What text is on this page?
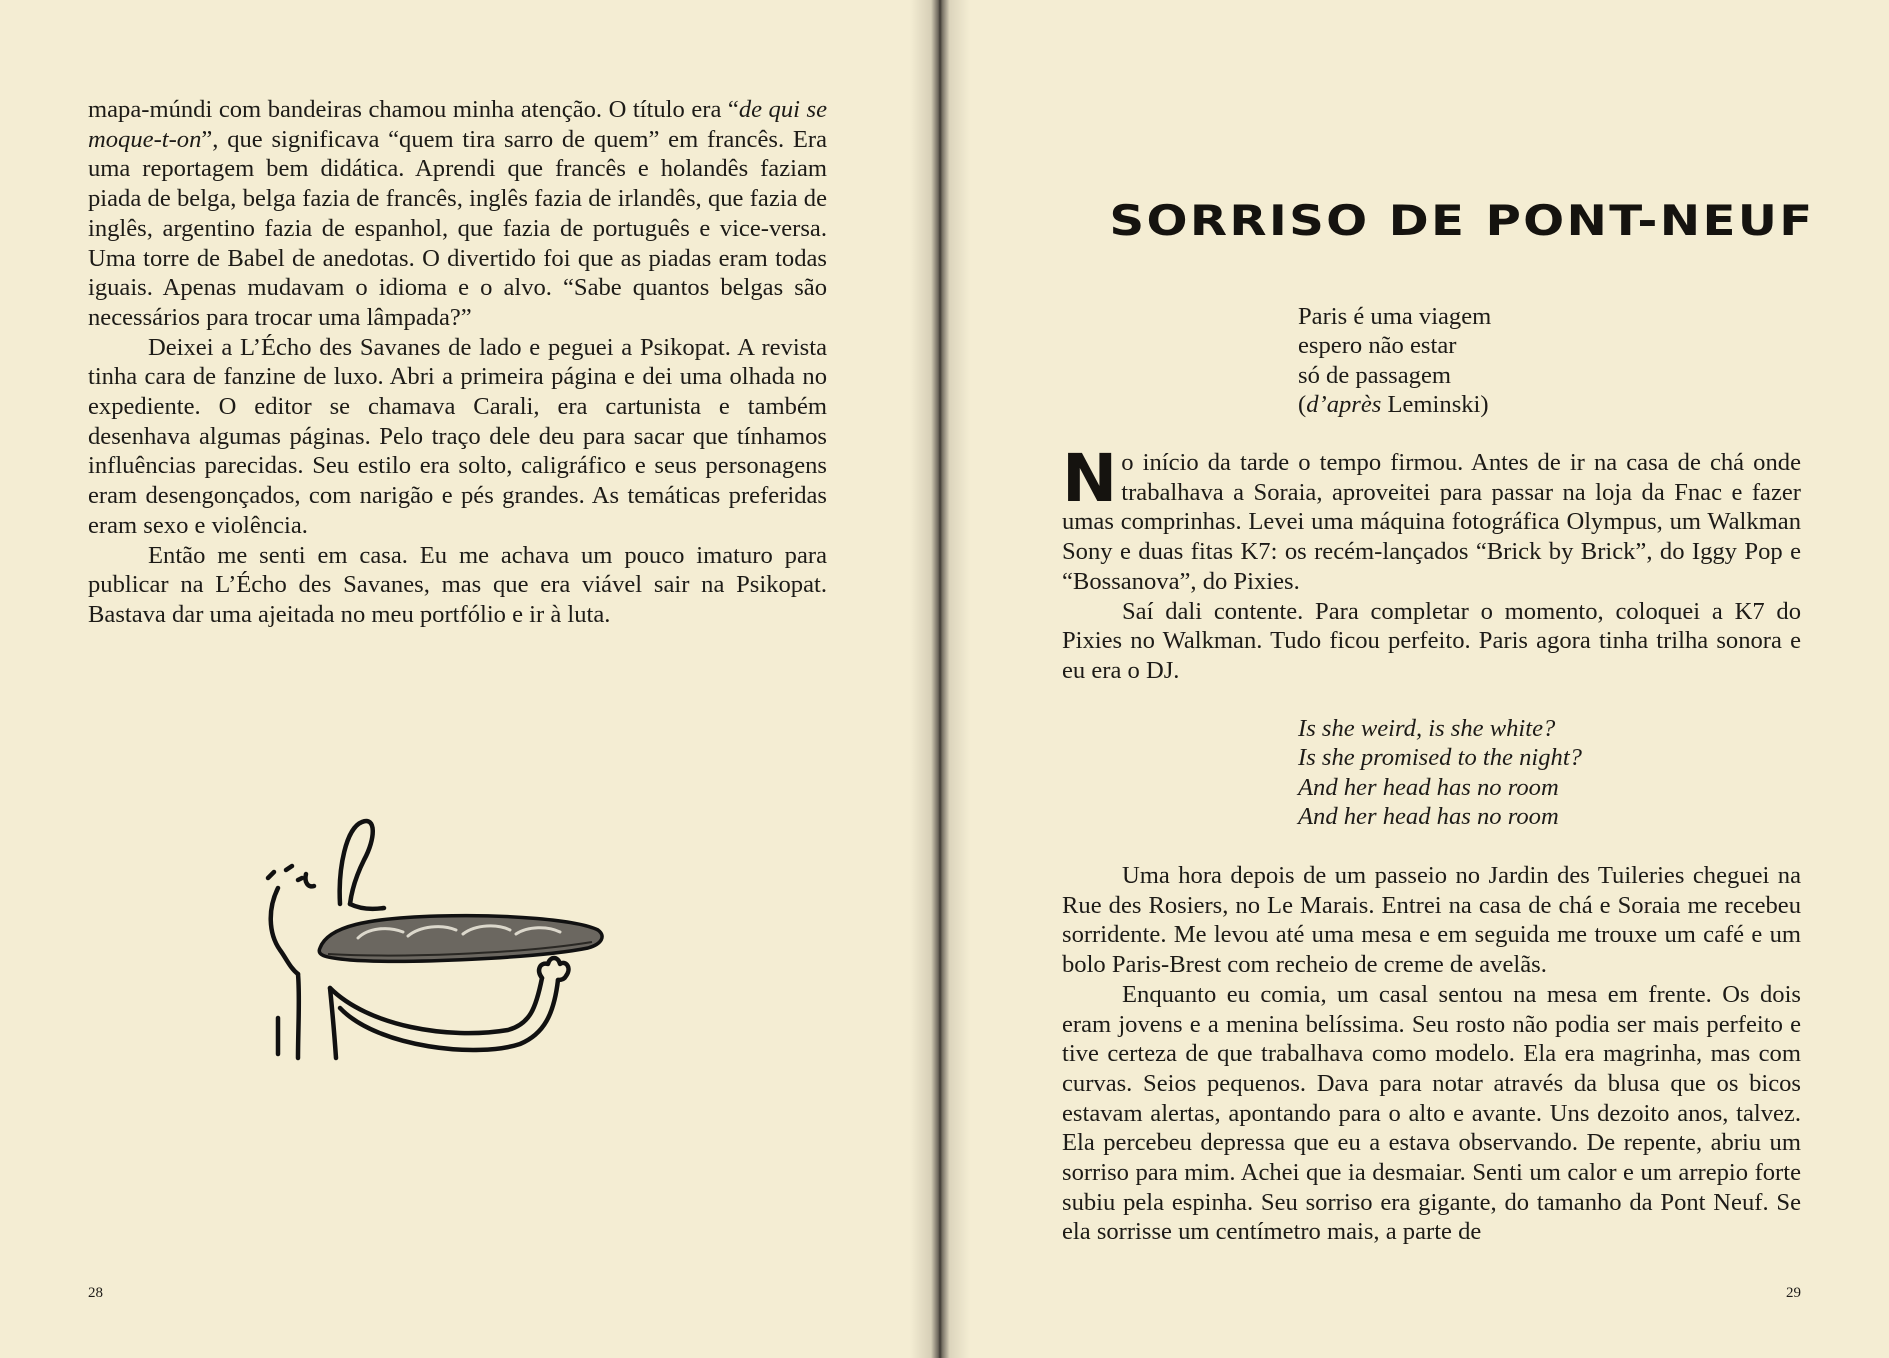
mapa-múndi com bandeiras chamou minha atenção. O título era “de qui se moque-t-on”, que significava “quem tira sarro de quem” em francês. Era uma reportagem bem didática. Aprendi que francês e holandês faziam piada de belga, belga fazia de francês, inglês fazia de irlandês, que fazia de inglês, argentino fazia de espanhol, que fazia de português e vice-versa. Uma torre de Babel de anedotas. O divertido foi que as piadas eram todas iguais. Apenas mudavam o idioma e o alvo. “Sabe quantos belgas são necessários para trocar uma lâmpada?”

Deixei a L’Écho des Savanes de lado e peguei a Psikopat. A revista tinha cara de fanzine de luxo. Abri a primeira página e dei uma olhada no expediente. O editor se chamava Carali, era cartunista e também desenhava algumas páginas. Pelo traço dele deu para sacar que tínhamos influências parecidas. Seu estilo era solto, caligráfico e seus personagens eram desengonçados, com narigão e pés grandes. As temáticas preferidas eram sexo e violência.

Então me senti em casa. Eu me achava um pouco imaturo para publicar na L’Écho des Savanes, mas que era viável sair na Psikopat. Bastava dar uma ajeitada no meu portfólio e ir à luta.

28
SORRISO DE PONT-NEUF
Paris é uma viagem
espero não estar
só de passagem
(d’après Leminski)

No início da tarde o tempo firmou. Antes de ir na casa de chá onde trabalhava a Soraia, aproveitei para passar na loja da Fnac e fazer umas comprinhas. Levei uma máquina fotográfica Olympus, um Walkman Sony e duas fitas K7: os recém-lançados “Brick by Brick”, do Iggy Pop e “Bossanova”, do Pixies.

Saí dali contente. Para completar o momento, coloquei a K7 do Pixies no Walkman. Tudo ficou perfeito. Paris agora tinha trilha sonora e eu era o DJ.

Is she weird, is she white?
Is she promised to the night?
And her head has no room
And her head has no room

Uma hora depois de um passeio no Jardin des Tuileries cheguei na Rue des Rosiers, no Le Marais. Entrei na casa de chá e Soraia me recebeu sorridente. Me levou até uma mesa e em seguida me trouxe um café e um bolo Paris-Brest com recheio de creme de avelãs.

Enquanto eu comia, um casal sentou na mesa em frente. Os dois eram jovens e a menina belíssima. Seu rosto não podia ser mais perfeito e tive certeza de que trabalhava como modelo. Ela era magrinha, mas com curvas. Seios pequenos. Dava para notar através da blusa que os bicos estavam alertas, apontando para o alto e avante. Uns dezoito anos, talvez. Ela percebeu depressa que eu a estava observando. De repente, abriu um sorriso para mim. Achei que ia desmaiar. Senti um calor e um arrepio forte subiu pela espinha. Seu sorriso era gigante, do tamanho da Pont Neuf. Se ela sorrisse um centímetro mais, a parte de

29
